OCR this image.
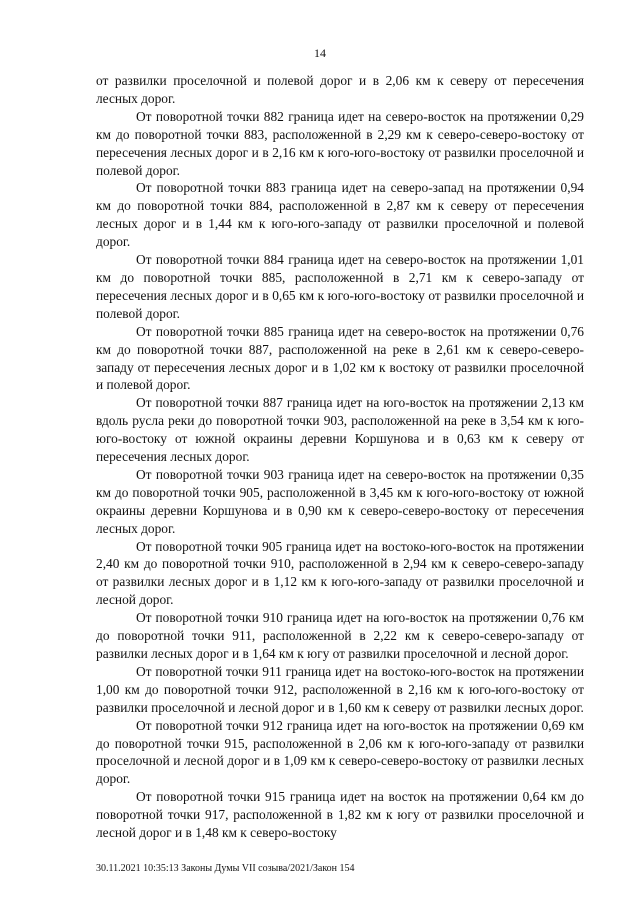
14

от развилки проселочной и полевой дорог и в 2,06 км к северу от пересечения лесных дорог.

От поворотной точки 882 граница идет на северо-восток на протяжении 0,29 км до поворотной точки 883, расположенной в 2,29 км к северо-северо-востоку от пересечения лесных дорог и в 2,16 км к юго-юго-востоку от развилки проселочной и полевой дорог.

От поворотной точки 883 граница идет на северо-запад на протяжении 0,94 км до поворотной точки 884, расположенной в 2,87 км к северу от пересечения лесных дорог и в 1,44 км к юго-юго-западу от развилки проселочной и полевой дорог.

От поворотной точки 884 граница идет на северо-восток на протяжении 1,01 км до поворотной точки 885, расположенной в 2,71 км к северо-западу от пересечения лесных дорог и в 0,65 км к юго-юго-востоку от развилки проселочной и полевой дорог.

От поворотной точки 885 граница идет на северо-восток на протяжении 0,76 км до поворотной точки 887, расположенной на реке в 2,61 км к северо-северо-западу от пересечения лесных дорог и в 1,02 км к востоку от развилки проселочной и полевой дорог.

От поворотной точки 887 граница идет на юго-восток на протяжении 2,13 км вдоль русла реки до поворотной точки 903, расположенной на реке в 3,54 км к юго-юго-востоку от южной окраины деревни Коршунова и в 0,63 км к северу от пересечения лесных дорог.

От поворотной точки 903 граница идет на северо-восток на протяжении 0,35 км до поворотной точки 905, расположенной в 3,45 км к юго-юго-востоку от южной окраины деревни Коршунова и в 0,90 км к северо-северо-востоку от пересечения лесных дорог.

От поворотной точки 905 граница идет на востоко-юго-восток на протяжении 2,40 км до поворотной точки 910, расположенной в 2,94 км к северо-северо-западу от развилки лесных дорог и в 1,12 км к юго-юго-западу от развилки проселочной и лесной дорог.

От поворотной точки 910 граница идет на юго-восток на протяжении 0,76 км до поворотной точки 911, расположенной в 2,22 км к северо-северо-западу от развилки лесных дорог и в 1,64 км к югу от развилки проселочной и лесной дорог.

От поворотной точки 911 граница идет на востоко-юго-восток на протяжении 1,00 км до поворотной точки 912, расположенной в 2,16 км к юго-юго-востоку от развилки проселочной и лесной дорог и в 1,60 км к северу от развилки лесных дорог.

От поворотной точки 912 граница идет на юго-восток на протяжении 0,69 км до поворотной точки 915, расположенной в 2,06 км к юго-юго-западу от развилки проселочной и лесной дорог и в 1,09 км к северо-северо-востоку от развилки лесных дорог.

От поворотной точки 915 граница идет на восток на протяжении 0,64 км до поворотной точки 917, расположенной в 1,82 км к югу от развилки проселочной и лесной дорог и в 1,48 км к северо-востоку

30.11.2021 10:35:13 Законы Думы VII созыва/2021/Закон 154
